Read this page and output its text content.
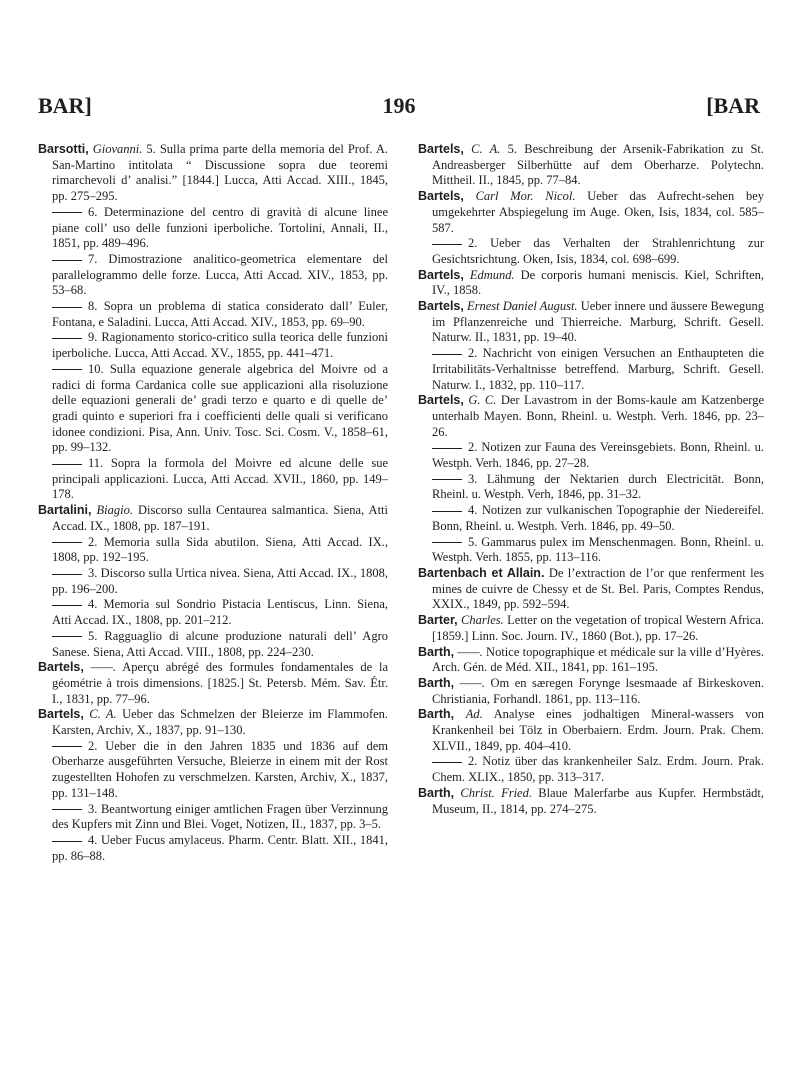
BAR]	196	[BAR
Barsotti, Giovanni. 5. Sulla prima parte della memoria del Prof. A. San-Martino intitolata “ Discussione sopra due teoremi rimarchevoli d’ analisi.” [1844.] Lucca, Atti Accad. XIII., 1845, pp. 275–295.
6. Determinazione del centro di gravità di alcune linee piane coll’ uso delle funzioni iperboliche. Tortolini, Annali, II., 1851, pp. 489–496.
7. Dimostrazione analitico-geometrica elementare del parallelogrammo delle forze. Lucca, Atti Accad. XIV., 1853, pp. 53–68.
8. Sopra un problema di statica considerato dall’ Euler, Fontana, e Saladini. Lucca, Atti Accad. XIV., 1853, pp. 69–90.
9. Ragionamento storico-critico sulla teorica delle funzioni iperboliche. Lucca, Atti Accad. XV., 1855, pp. 441–471.
10. Sulla equazione generale algebrica del Moivre od a radici di forma Cardanica colle sue applicazioni alla risoluzione delle equazioni generali de’ gradi terzo e quarto e di quelle de’ gradi quinto e superiori fra i coefficienti delle quali si verificano idonee condizioni. Pisa, Ann. Univ. Tosc. Sci. Cosm. V., 1858–61, pp. 99–132.
11. Sopra la formola del Moivre ed alcune delle sue principali applicazioni. Lucca, Atti Accad. XVII., 1860, pp. 149–178.
Bartalini, Biagio. Discorso sulla Centaurea salmantica. Siena, Atti Accad. IX., 1808, pp. 187–191.
2. Memoria sulla Sida abutilon. Siena, Atti Accad. IX., 1808, pp. 192–195.
3. Discorso sulla Urtica nivea. Siena, Atti Accad. IX., 1808, pp. 196–200.
4. Memoria sul Sondrio Pistacia Lentiscus, Linn. Siena, Atti Accad. IX., 1808, pp. 201–212.
5. Ragguaglio di alcune produzione naturali dell’ Agro Sanese. Siena, Atti Accad. VIII., 1808, pp. 224–230.
Bartels, ——. Aperçu abrégé des formules fondamentales de la géométrie à trois dimensions. [1825.] St. Petersb. Mém. Sav. Étr. I., 1831, pp. 77–96.
Bartels, C. A. Ueber das Schmelzen der Bleierze im Flammofen. Karsten, Archiv, X., 1837, pp. 91–130.
2. Ueber die in den Jahren 1835 und 1836 auf dem Oberharze ausgeführten Versuche, Bleierze in einem mit der Rost zugestellten Hohofen zu verschmelzen. Karsten, Archiv, X., 1837, pp. 131–148.
3. Beantwortung einiger amtlichen Fragen über Verzinnung des Kupfers mit Zinn und Blei. Voget, Notizen, II., 1837, pp. 3–5.
4. Ueber Fucus amylaceus. Pharm. Centr. Blatt. XII., 1841, pp. 86–88.
Bartels, C. A. 5. Beschreibung der Arsenik-Fabrikation zu St. Andreasberger Silberhütte auf dem Oberharze. Polytechn. Mittheil. II., 1845, pp. 77–84.
Bartels, Carl Mor. Nicol. Ueber das Aufrecht-sehen bey umgekehrter Abspiegelung im Auge. Oken, Isis, 1834, col. 585–587.
2. Ueber das Verhalten der Strahlenrichtung zur Gesichtsrichtung. Oken, Isis, 1834, col. 698–699.
Bartels, Edmund. De corporis humani meniscis. Kiel, Schriften, IV., 1858.
Bartels, Ernest Daniel August. Ueber innere und äussere Bewegung im Pflanzenreiche und Thierreiche. Marburg, Schrift. Gesell. Naturw. II., 1831, pp. 19–40.
2. Nachricht von einigen Versuchen an Enthaupteten die Irritabilitäts-Verhaltnisse betreffend. Marburg, Schrift. Gesell. Naturw. I., 1832, pp. 110–117.
Bartels, G. C. Der Lavastrom in der Boms-kaule am Katzenberge unterhalb Mayen. Bonn, Rheinl. u. Westph. Verh. 1846, pp. 23–26.
2. Notizen zur Fauna des Vereinsgebiets. Bonn, Rheinl. u. Westph. Verh. 1846, pp. 27–28.
3. Lähmung der Nektarien durch Electricität. Bonn, Rheinl. u. Westph. Verh, 1846, pp. 31–32.
4. Notizen zur vulkanischen Topographie der Niedereifel. Bonn, Rheinl. u. Westph. Verh. 1846, pp. 49–50.
5. Gammarus pulex im Menschenmagen. Bonn, Rheinl. u. Westph. Verh. 1855, pp. 113–116.
Bartenbach et Allain. De l’extraction de l’or que renferment les mines de cuivre de Chessy et de St. Bel. Paris, Comptes Rendus, XXIX., 1849, pp. 592–594.
Barter, Charles. Letter on the vegetation of tropical Western Africa. [1859.] Linn. Soc. Journ. IV., 1860 (Bot.), pp. 17–26.
Barth, ——. Notice topographique et médicale sur la ville d’Hyères. Arch. Gén. de Méd. XII., 1841, pp. 161–195.
Barth, ——. Om en særegen Forynge lsesmaade af Birkeskoven. Christiania, Forhandl. 1861, pp. 113–116.
Barth, Ad. Analyse eines jodhaltigen Mineral-wassers von Krankenheil bei Tölz in Oberbaiern. Erdm. Journ. Prak. Chem. XLVII., 1849, pp. 404–410.
2. Notiz über das krankenheiler Salz. Erdm. Journ. Prak. Chem. XLIX., 1850, pp. 313–317.
Barth, Christ. Fried. Blaue Malerfarbe aus Kupfer. Hermbstädt, Museum, II., 1814, pp. 274–275.
